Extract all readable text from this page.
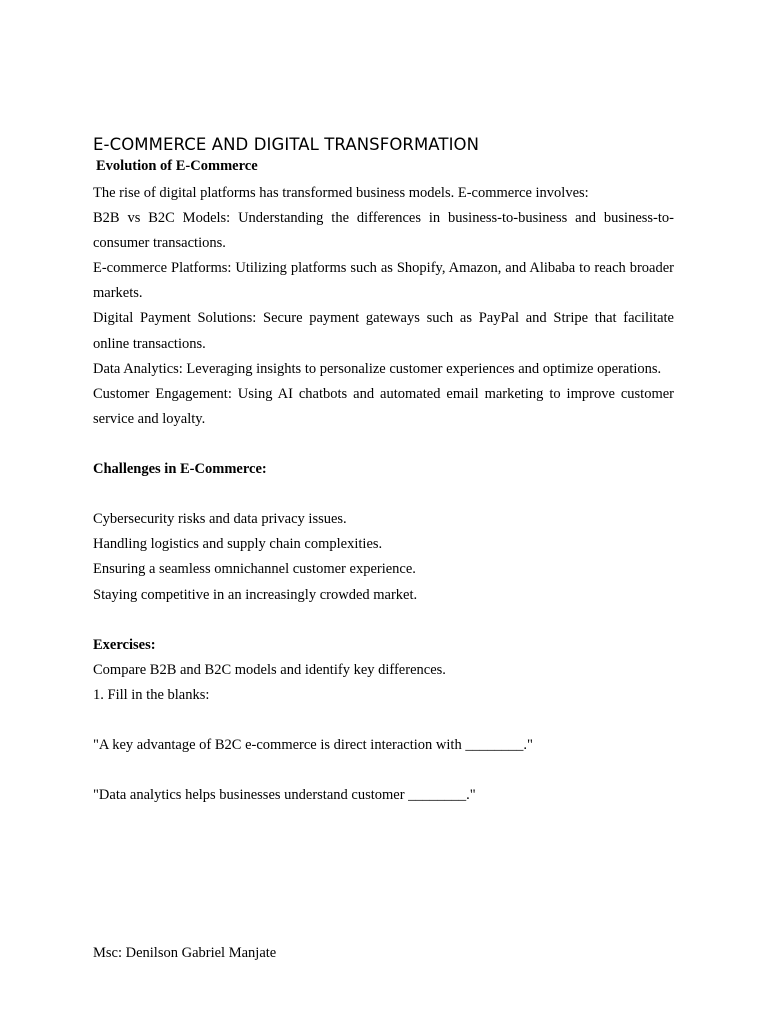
E-COMMERCE AND DIGITAL TRANSFORMATION
Evolution of E-Commerce

The rise of digital platforms has transformed business models. E-commerce involves:

B2B vs B2C Models: Understanding the differences in business-to-business and business-to-consumer transactions.

E-commerce Platforms: Utilizing platforms such as Shopify, Amazon, and Alibaba to reach broader markets.

Digital Payment Solutions: Secure payment gateways such as PayPal and Stripe that facilitate online transactions.

Data Analytics: Leveraging insights to personalize customer experiences and optimize operations.

Customer Engagement: Using AI chatbots and automated email marketing to improve customer service and loyalty.

Challenges in E-Commerce:

Cybersecurity risks and data privacy issues.

Handling logistics and supply chain complexities.

Ensuring a seamless omnichannel customer experience.

Staying competitive in an increasingly crowded market.

Exercises:

Compare B2B and B2C models and identify key differences.

1. Fill in the blanks:

"A key advantage of B2C e-commerce is direct interaction with ________."

"Data analytics helps businesses understand customer ________."

Msc: Denilson Gabriel Manjate
